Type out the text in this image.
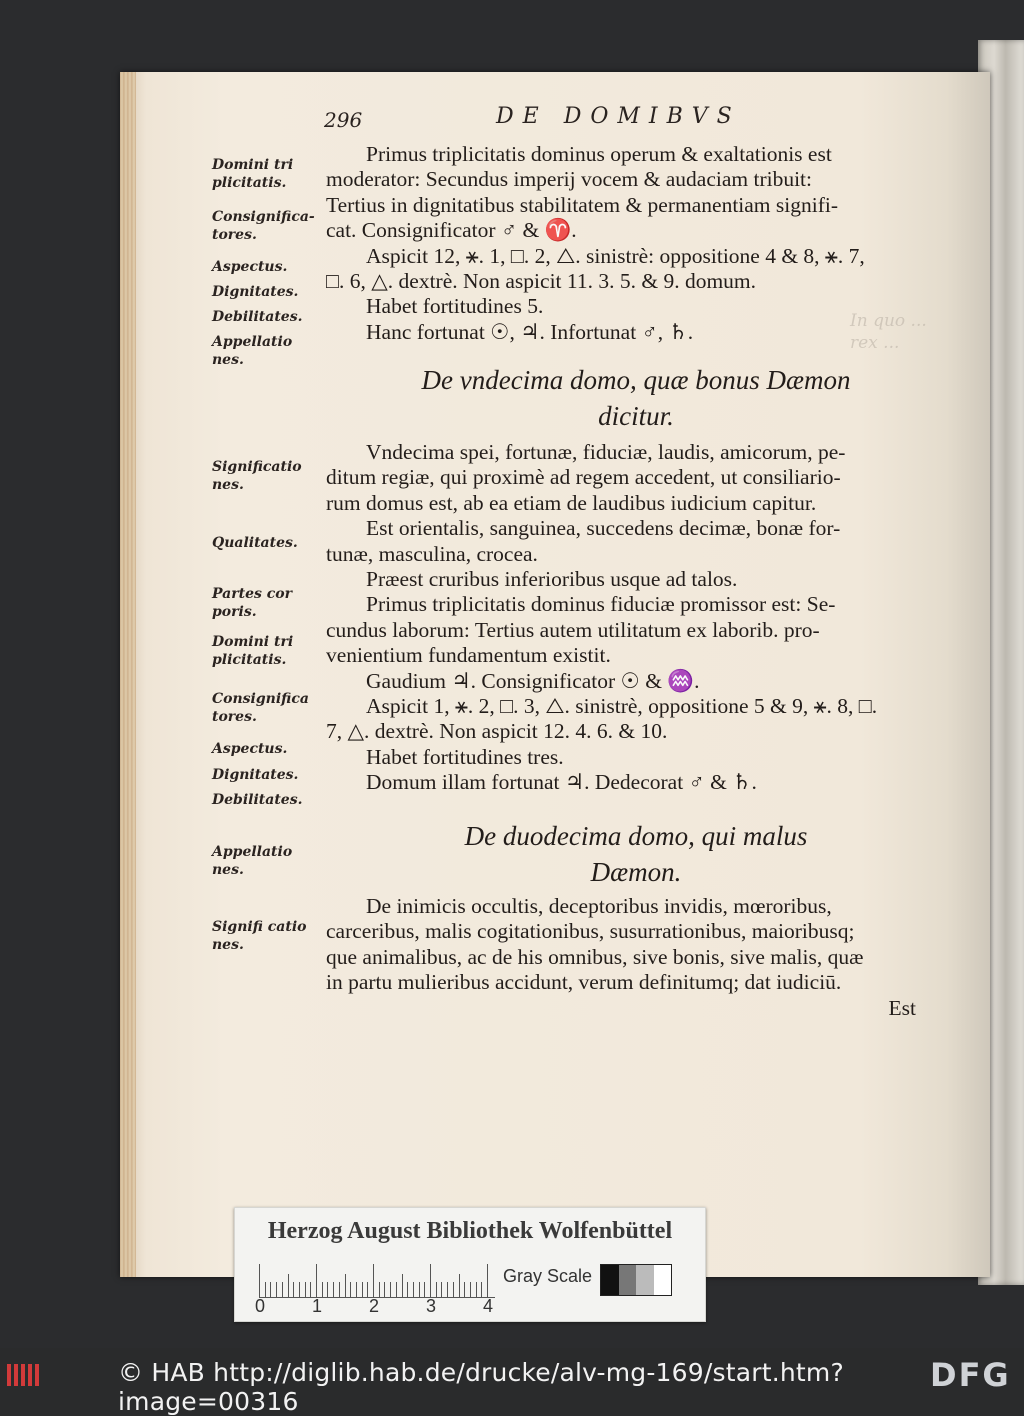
In quo ...
rex ...
296	DE DOMIBVS
Domini tri
plicitatis.
Consignifica-
tores.
Aspectus.
Dignitates.
Debilitates.
Appellatio
nes.
Significatio
nes.
Qualitates.
Partes cor
poris.
Domini tri
plicitatis.
Consignifica
tores.
Aspectus.
Dignitates.
Debilitates.
Appellatio
nes.
Signifi catio
nes.
Primus triplicitatis dominus operum & exaltationis est
moderator: Secundus imperij vocem & audaciam tribuit:
Tertius in dignitatibus stabilitatem & permanentiam signifi-
cat. Consignificator ♂ & ♈.
Aspicit 12, ⚹. 1, □. 2, △. sinistrè: oppositione 4 & 8, ⚹. 7,
□. 6, △. dextrè. Non aspicit 11. 3. 5. & 9. domum.
Habet fortitudines 5.
Hanc fortunat ☉, ♃. Infortunat ♂, ♄.
De vndecima domo, quæ bonus Dæmon
dicitur.
Vndecima spei, fortunæ, fiduciæ, laudis, amicorum, pe-
ditum regiæ, qui proximè ad regem accedent, ut consiliario-
rum domus est, ab ea etiam de laudibus iudicium capitur.
Est orientalis, sanguinea, succedens decimæ, bonæ for-
tunæ, masculina, crocea.
Præest cruribus inferioribus usque ad talos.
Primus triplicitatis dominus fiduciæ promissor est: Se-
cundus laborum: Tertius autem utilitatum ex laborib. pro-
venientium fundamentum existit.
Gaudium ♃. Consignificator ☉ & ♒.
Aspicit 1, ⚹. 2, □. 3, △. sinistrè, oppositione 5 & 9, ⚹. 8, □.
7, △. dextrè. Non aspicit 12. 4. 6. & 10.
Habet fortitudines tres.
Domum illam fortunat ♃. Dedecorat ♂ & ♄.
De duodecima domo, qui malus
Dæmon.
De inimicis occultis, deceptoribus invidis, mœroribus,
carceribus, malis cogitationibus, susurrationibus, maioribusq;
que animalibus, ac de his omnibus, sive bonis, sive malis, quæ
in partu mulieribus accidunt, verum definitumq; dat iudiciū.
Est
Herzog August Bibliothek Wolfenbüttel
0	1	2	3	4
Gray Scale
© HAB http://diglib.hab.de/drucke/alv-mg-169/start.htm?image=00316
DFG
